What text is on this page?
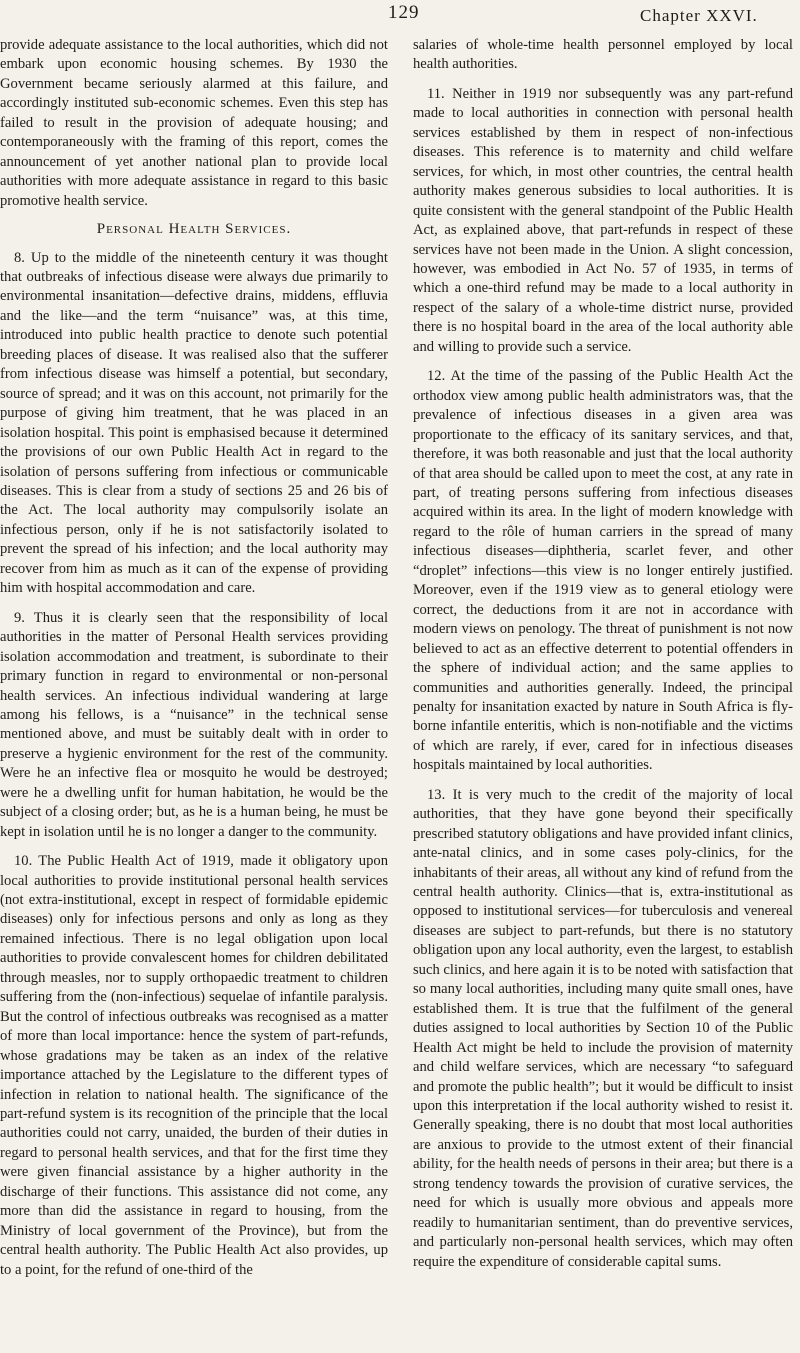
129	Chapter XXVI.

provide adequate assistance to the local authorities, which did not embark upon economic housing schemes. By 1930 the Government became seriously alarmed at this failure, and accordingly instituted sub-economic schemes. Even this step has failed to result in the provision of adequate housing; and contemporaneously with the framing of this report, comes the announcement of yet another national plan to provide local authorities with more adequate assistance in regard to this basic promotive health service.

Personal Health Services.

8. Up to the middle of the nineteenth century it was thought that outbreaks of infectious disease were always due primarily to environmental insanitation—defective drains, middens, effluvia and the like—and the term “nuisance” was, at this time, introduced into public health practice to denote such potential breeding places of disease. It was realised also that the sufferer from infectious disease was himself a potential, but secondary, source of spread; and it was on this account, not primarily for the purpose of giving him treatment, that he was placed in an isolation hospital. This point is emphasised because it determined the provisions of our own Public Health Act in regard to the isolation of persons suffering from infectious or communicable diseases. This is clear from a study of sections 25 and 26 bis of the Act. The local authority may compulsorily isolate an infectious person, only if he is not satisfactorily isolated to prevent the spread of his infection; and the local authority may recover from him as much as it can of the expense of providing him with hospital accommodation and care.

9. Thus it is clearly seen that the responsibility of local authorities in the matter of Personal Health services providing isolation accommodation and treatment, is subordinate to their primary function in regard to environmental or non-personal health services. An infectious individual wandering at large among his fellows, is a “nuisance” in the technical sense mentioned above, and must be suitably dealt with in order to preserve a hygienic environment for the rest of the community. Were he an infective flea or mosquito he would be destroyed; were he a dwelling unfit for human habitation, he would be the subject of a closing order; but, as he is a human being, he must be kept in isolation until he is no longer a danger to the community.

10. The Public Health Act of 1919, made it obligatory upon local authorities to provide institutional personal health services (not extra-institutional, except in respect of formidable epidemic diseases) only for infectious persons and only as long as they remained infectious. There is no legal obligation upon local authorities to provide convalescent homes for children debilitated through measles, nor to supply orthopaedic treatment to children suffering from the (non-infectious) sequelae of infantile paralysis. But the control of infectious outbreaks was recognised as a matter of more than local importance: hence the system of part-refunds, whose gradations may be taken as an index of the relative importance attached by the Legislature to the different types of infection in relation to national health. The significance of the part-refund system is its recognition of the principle that the local authorities could not carry, unaided, the burden of their duties in regard to personal health services, and that for the first time they were given financial assistance by a higher authority in the discharge of their functions. This assistance did not come, any more than did the assistance in regard to housing, from the Ministry of local government of the Province), but from the central health authority. The Public Health Act also provides, up to a point, for the refund of one-third of the

salaries of whole-time health personnel employed by local health authorities.

11. Neither in 1919 nor subsequently was any part-refund made to local authorities in connection with personal health services established by them in respect of non-infectious diseases. This reference is to maternity and child welfare services, for which, in most other countries, the central health authority makes generous subsidies to local authorities. It is quite consistent with the general standpoint of the Public Health Act, as explained above, that part-refunds in respect of these services have not been made in the Union. A slight concession, however, was embodied in Act No. 57 of 1935, in terms of which a one-third refund may be made to a local authority in respect of the salary of a whole-time district nurse, provided there is no hospital board in the area of the local authority able and willing to provide such a service.

12. At the time of the passing of the Public Health Act the orthodox view among public health administrators was, that the prevalence of infectious diseases in a given area was proportionate to the efficacy of its sanitary services, and that, therefore, it was both reasonable and just that the local authority of that area should be called upon to meet the cost, at any rate in part, of treating persons suffering from infectious diseases acquired within its area. In the light of modern knowledge with regard to the rôle of human carriers in the spread of many infectious diseases—diphtheria, scarlet fever, and other “droplet” infections—this view is no longer entirely justified. Moreover, even if the 1919 view as to general etiology were correct, the deductions from it are not in accordance with modern views on penology. The threat of punishment is not now believed to act as an effective deterrent to potential offenders in the sphere of individual action; and the same applies to communities and authorities generally. Indeed, the principal penalty for insanitation exacted by nature in South Africa is fly-borne infantile enteritis, which is non-notifiable and the victims of which are rarely, if ever, cared for in infectious diseases hospitals maintained by local authorities.

13. It is very much to the credit of the majority of local authorities, that they have gone beyond their specifically prescribed statutory obligations and have provided infant clinics, ante-natal clinics, and in some cases poly-clinics, for the inhabitants of their areas, all without any kind of refund from the central health authority. Clinics—that is, extra-institutional as opposed to institutional services—for tuberculosis and venereal diseases are subject to part-refunds, but there is no statutory obligation upon any local authority, even the largest, to establish such clinics, and here again it is to be noted with satisfaction that so many local authorities, including many quite small ones, have established them. It is true that the fulfilment of the general duties assigned to local authorities by Section 10 of the Public Health Act might be held to include the provision of maternity and child welfare services, which are necessary “to safeguard and promote the public health”; but it would be difficult to insist upon this interpretation if the local authority wished to resist it. Generally speaking, there is no doubt that most local authorities are anxious to provide to the utmost extent of their financial ability, for the health needs of persons in their area; but there is a strong tendency towards the provision of curative services, the need for which is usually more obvious and appeals more readily to humanitarian sentiment, than do preventive services, and particularly non-personal health services, which may often require the expenditure of considerable capital sums.
